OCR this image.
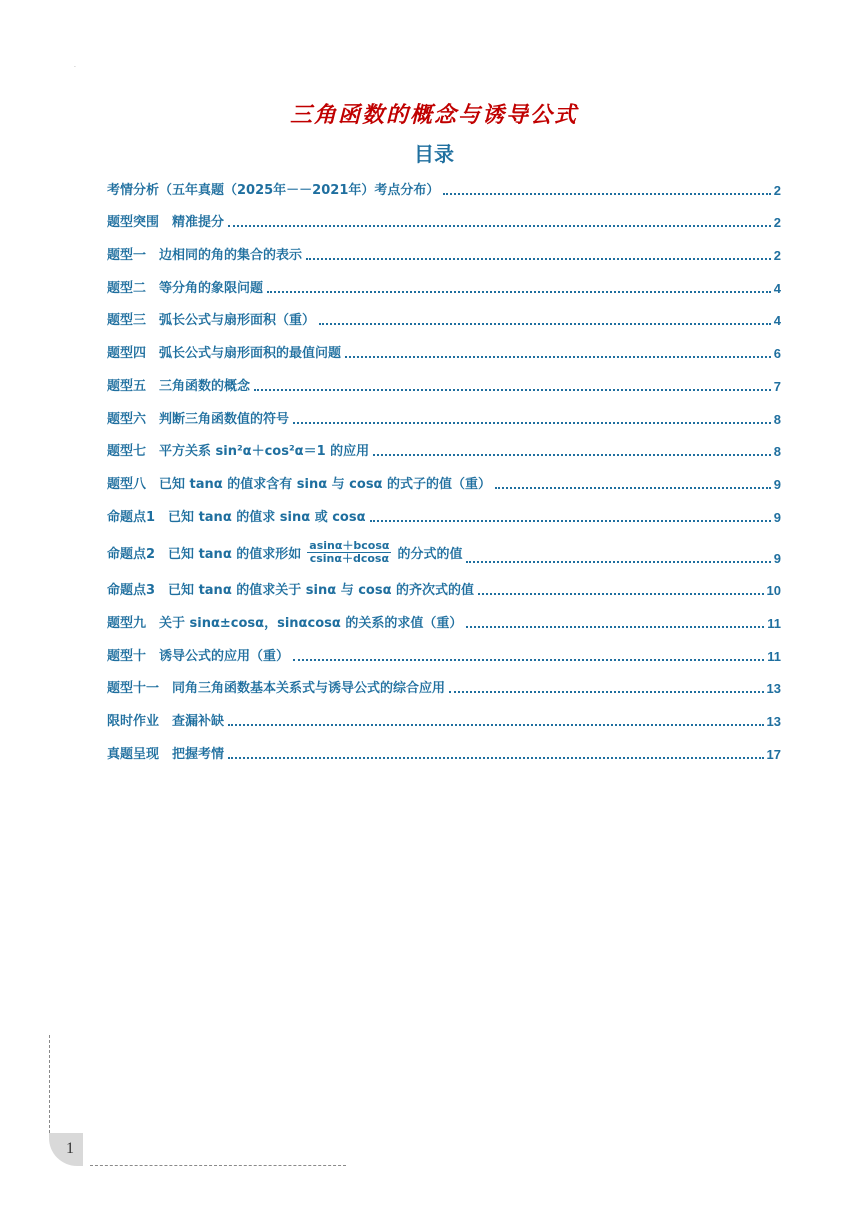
·
三角函数的概念与诱导公式
目录
考情分析（五年真题（2025年－－2021年）考点分布）	2
题型突围　精准提分	2
题型一　边相同的角的集合的表示	2
题型二　等分角的象限问题	4
题型三　弧长公式与扇形面积（重）	4
题型四　弧长公式与扇形面积的最值问题	6
题型五　三角函数的概念	7
题型六　判断三角函数值的符号	8
题型七　平方关系 sin²α＋cos²α＝1 的应用	8
题型八　已知 tanα 的值求含有 sinα 与 cosα 的式子的值（重）	9
命题点1　已知 tanα 的值求 sinα 或 cosα	9
命题点2　已知 tanα 的值求形如 $\frac{asin\alpha+bcos\alpha}{csin\alpha+dcos\alpha}$ 的分式的值	9
命题点3　已知 tanα 的值求关于 sinα 与 cosα 的齐次式的值	10
题型九　关于 sinα±cosα，sinαcosα 的关系的求值（重）	11
题型十　诱导公式的应用（重）	11
题型十一　同角三角函数基本关系式与诱导公式的综合应用	13
限时作业　查漏补缺	13
真题呈现　把握考情	17
1
